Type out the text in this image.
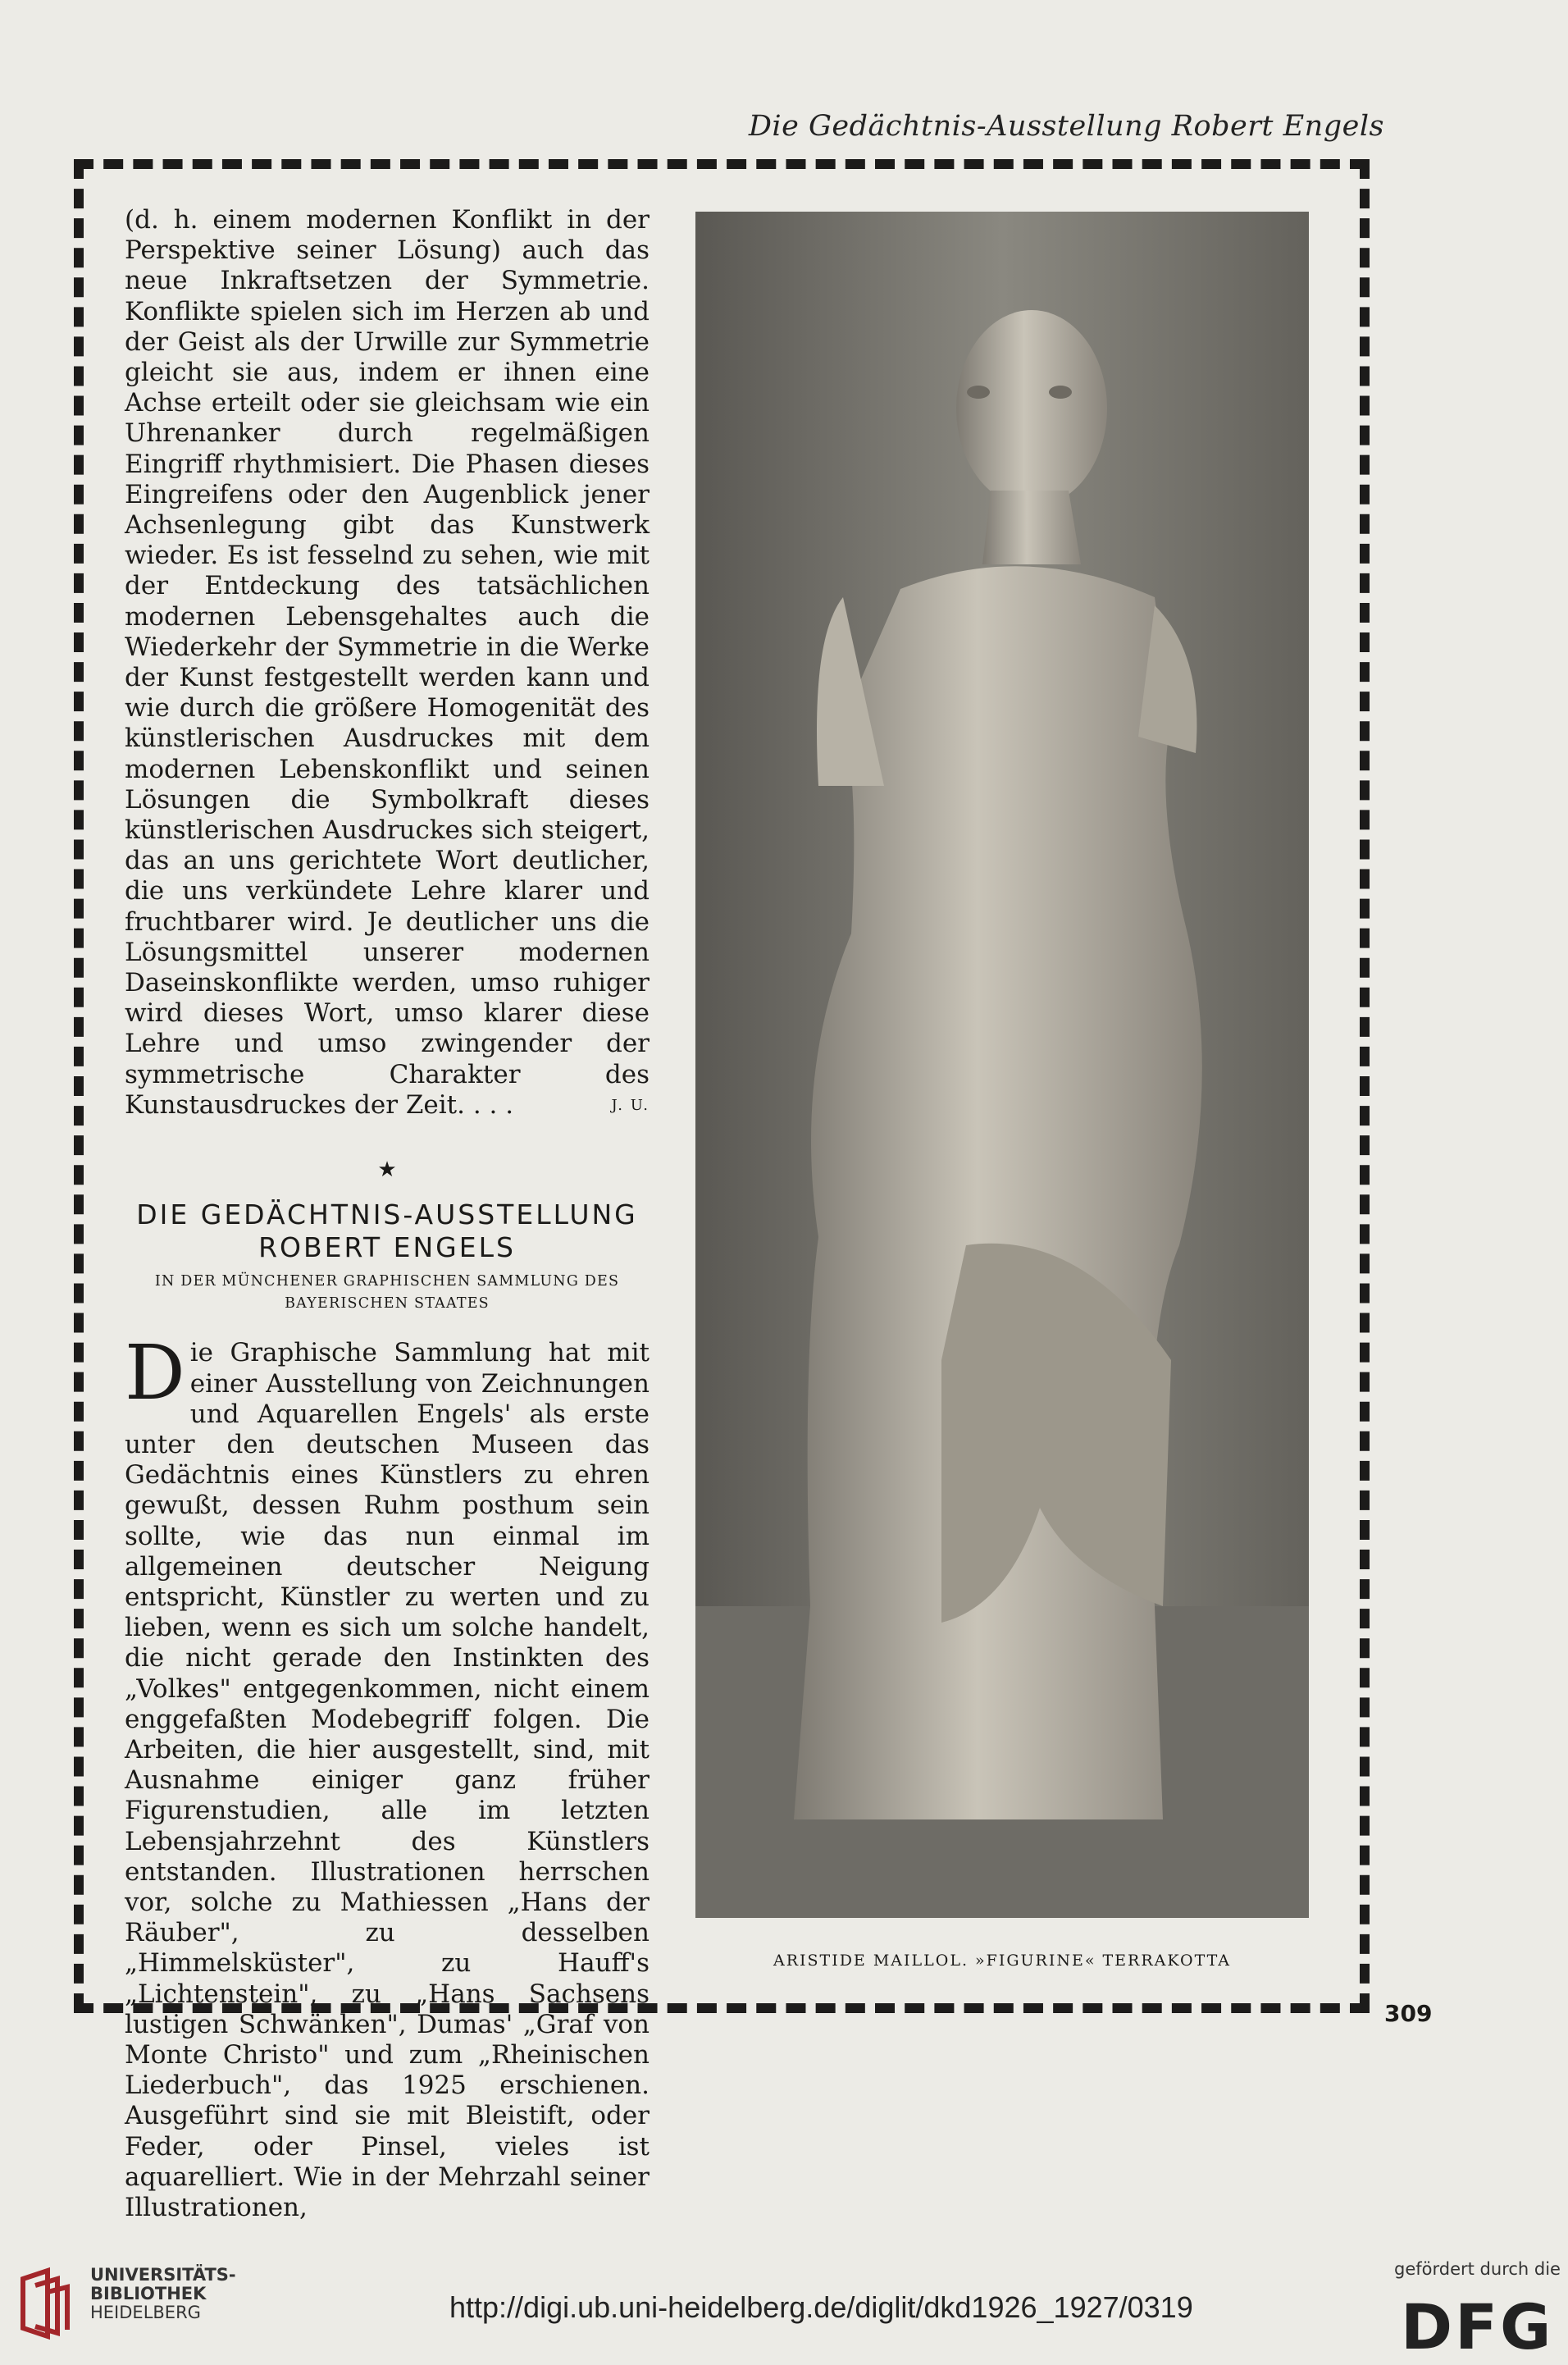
Die Gedächtnis-Ausstellung Robert Engels

(d. h. einem modernen Konflikt in der Perspektive seiner Lösung) auch das neue Inkraftsetzen der Symmetrie. Konflikte spielen sich im Herzen ab und der Geist als der Urwille zur Symmetrie gleicht sie aus, indem er ihnen eine Achse erteilt oder sie gleichsam wie ein Uhrenanker durch regelmäßigen Eingriff rhythmisiert. Die Phasen dieses Eingreifens oder den Augenblick jener Achsenlegung gibt das Kunstwerk wieder. Es ist fesselnd zu sehen, wie mit der Entdeckung des tatsächlichen modernen Lebensgehaltes auch die Wiederkehr der Symmetrie in die Werke der Kunst festgestellt werden kann und wie durch die größere Homogenität des künstlerischen Ausdruckes mit dem modernen Lebenskonflikt und seinen Lösungen die Symbolkraft dieses künstlerischen Ausdruckes sich steigert, das an uns gerichtete Wort deutlicher, die uns verkündete Lehre klarer und fruchtbarer wird. Je deutlicher uns die Lösungsmittel unserer modernen Daseinskonflikte werden, umso ruhiger wird dieses Wort, umso klarer diese Lehre und umso zwingender der symmetrische Charakter des Kunstausdruckes der Zeit. . . .	J. U.

★
DIE GEDÄCHTNIS-AUSSTELLUNG
ROBERT ENGELS
IN DER MÜNCHENER GRAPHISCHEN SAMMLUNG DES BAYERISCHEN STAATES

Die Graphische Sammlung hat mit einer Ausstellung von Zeichnungen und Aquarellen Engels' als erste unter den deutschen Museen das Gedächtnis eines Künstlers zu ehren gewußt, dessen Ruhm posthum sein sollte, wie das nun einmal im allgemeinen deutscher Neigung entspricht, Künstler zu werten und zu lieben, wenn es sich um solche handelt, die nicht gerade den Instinkten des „Volkes" entgegenkommen, nicht einem enggefaßten Modebegriff folgen. Die Arbeiten, die hier ausgestellt, sind, mit Ausnahme einiger ganz früher Figurenstudien, alle im letzten Lebensjahrzehnt des Künstlers entstanden. Illustrationen herrschen vor, solche zu Mathiessen „Hans der Räuber", zu desselben „Himmelsküster", zu Hauff's „Lichtenstein", zu „Hans Sachsens lustigen Schwänken", Dumas' „Graf von Monte Christo" und zum „Rheinischen Liederbuch", das 1925 erschienen. Ausgeführt sind sie mit Bleistift, oder Feder, oder Pinsel, vieles ist aquarelliert. Wie in der Mehrzahl seiner Illustrationen,

ARISTIDE MAILLOL. »FIGURINE« TERRAKOTTA
309
UNIVERSITÄTS-
BIBLIOTHEK
HEIDELBERG	http://digi.ub.uni-heidelberg.de/diglit/dkd1926_1927/0319
gefördert durch die
DFG
